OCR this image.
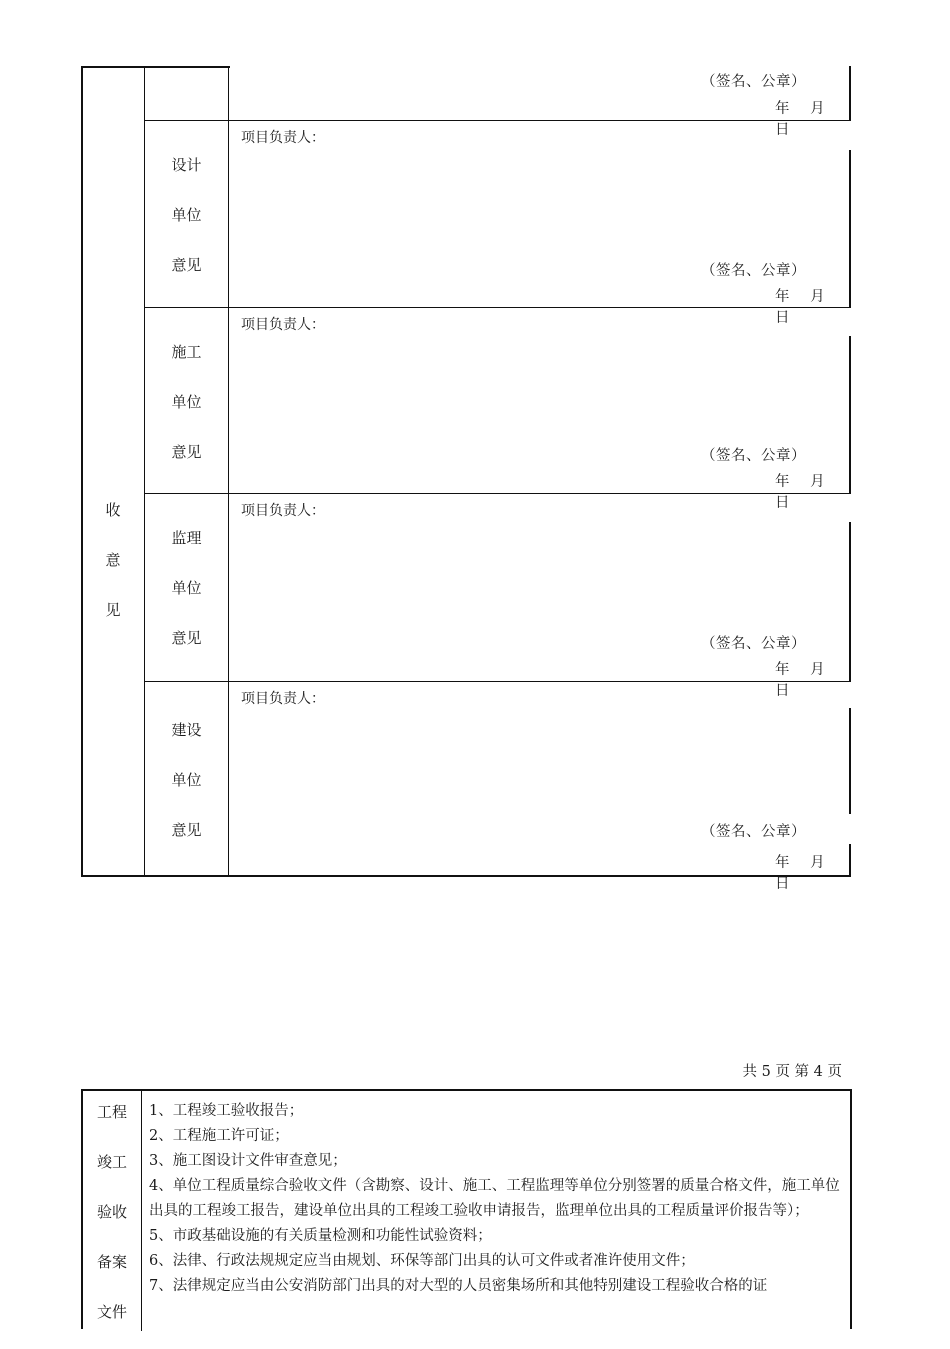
收
意
见
（签名、公章）
年 月 日
设计
单位
意见
项目负责人：
（签名、公章）
年 月 日
施工
单位
意见
项目负责人：
（签名、公章）
年 月 日
监理
单位
意见
项目负责人：
（签名、公章）
年 月 日
建设
单位
意见
项目负责人：
（签名、公章）
年 月 日
共 5 页 第 4 页
工程
竣工
验收
备案
文件
1、工程竣工验收报告；
2、工程施工许可证；
3、施工图设计文件审查意见；
4、单位工程质量综合验收文件（含勘察、设计、施工、工程监理等单位分别签署的质量合格文件，施工单位出具的工程竣工报告，建设单位出具的工程竣工验收申请报告，监理单位出具的工程质量评价报告等）；
5、市政基础设施的有关质量检测和功能性试验资料；
6、法律、行政法规规定应当由规划、环保等部门出具的认可文件或者准许使用文件；
7、法律规定应当由公安消防部门出具的对大型的人员密集场所和其他特别建设工程验收合格的证
